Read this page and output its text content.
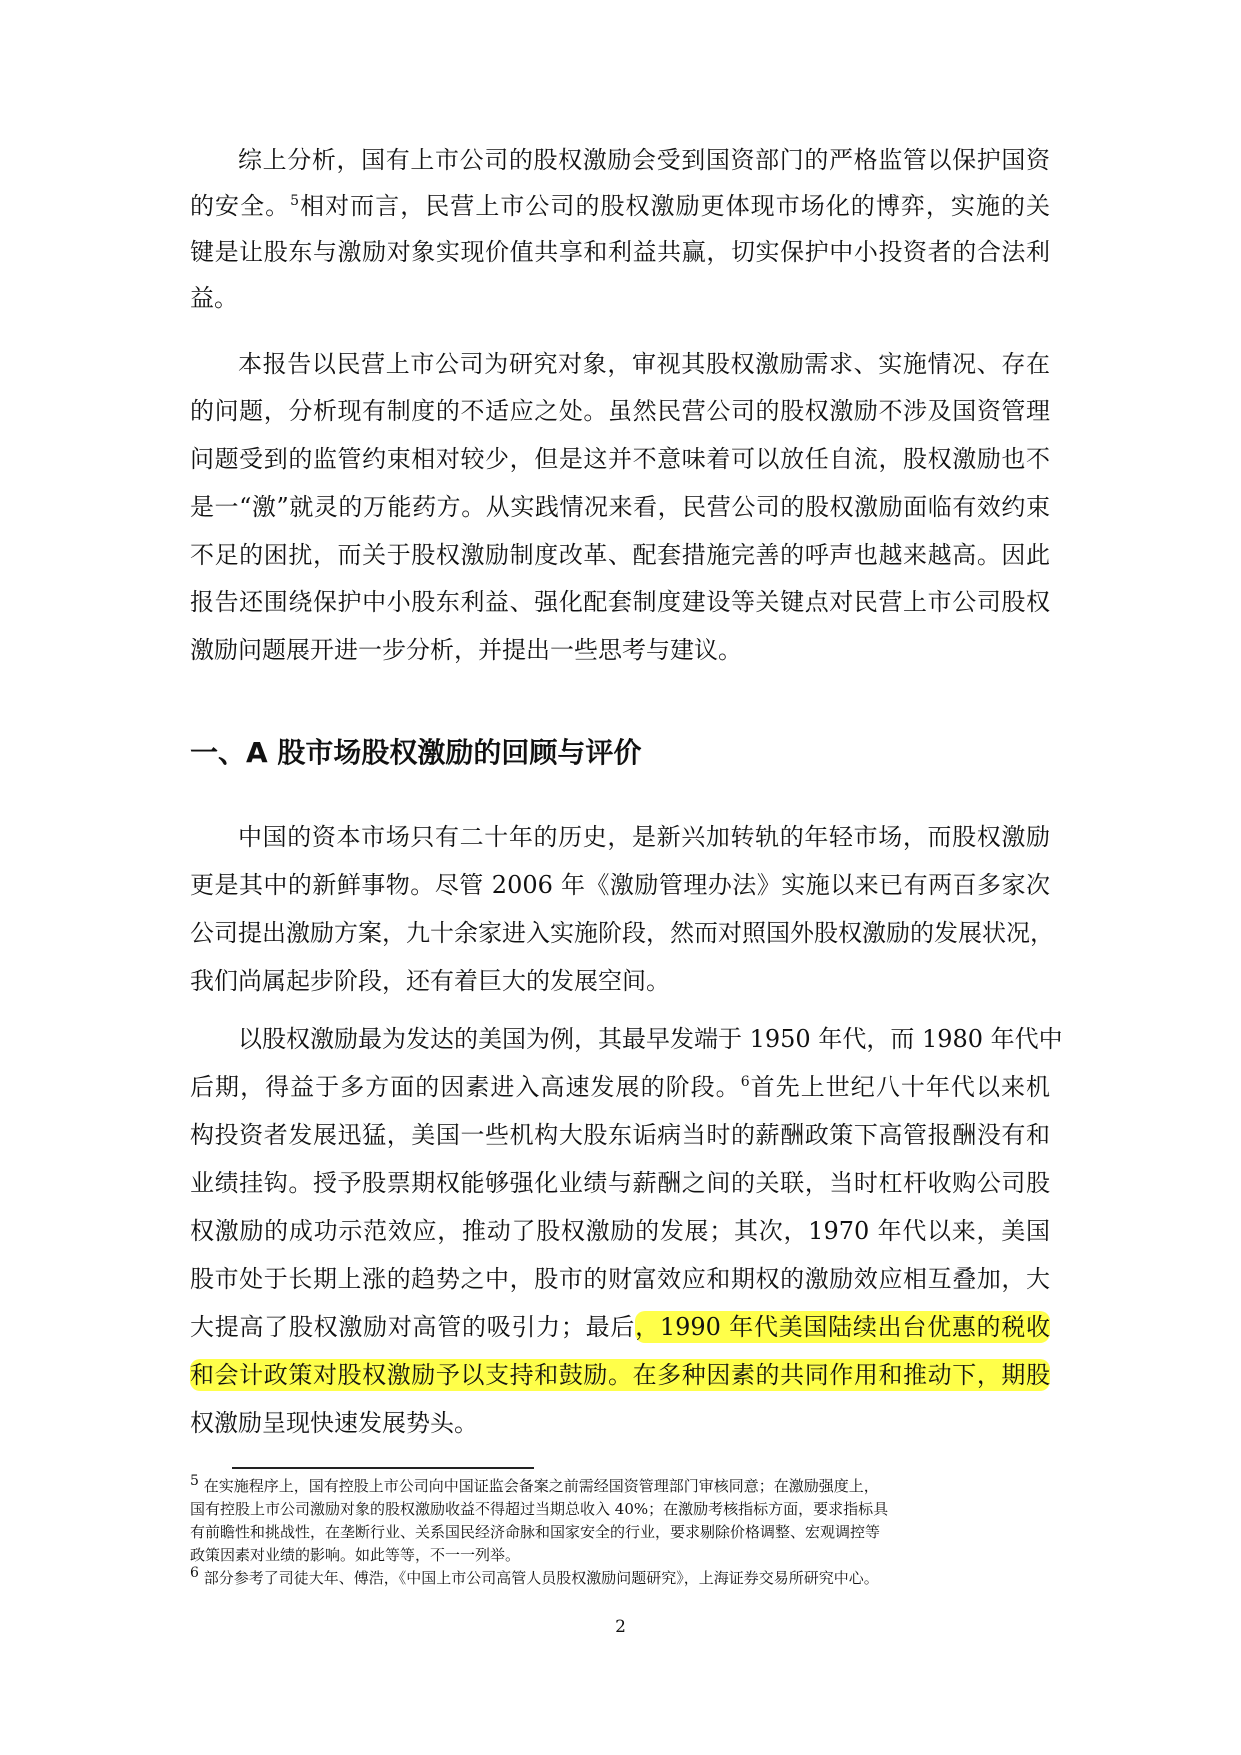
综上分析，国有上市公司的股权激励会受到国资部门的严格监管以保护国资
的安全。$^5$相对而言，民营上市公司的股权激励更体现市场化的博弈，实施的关
键是让股东与激励对象实现价值共享和利益共赢，切实保护中小投资者的合法利
益。
本报告以民营上市公司为研究对象，审视其股权激励需求、实施情况、存在
的问题，分析现有制度的不适应之处。虽然民营公司的股权激励不涉及国资管理
问题受到的监管约束相对较少，但是这并不意味着可以放任自流，股权激励也不
是一“激”就灵的万能药方。从实践情况来看，民营公司的股权激励面临有效约束
不足的困扰，而关于股权激励制度改革、配套措施完善的呼声也越来越高。因此
报告还围绕保护中小股东利益、强化配套制度建设等关键点对民营上市公司股权
激励问题展开进一步分析，并提出一些思考与建议。
一、A 股市场股权激励的回顾与评价
中国的资本市场只有二十年的历史，是新兴加转轨的年轻市场，而股权激励
更是其中的新鲜事物。尽管 2006 年《激励管理办法》实施以来已有两百多家次
公司提出激励方案，九十余家进入实施阶段，然而对照国外股权激励的发展状况，
我们尚属起步阶段，还有着巨大的发展空间。
以股权激励最为发达的美国为例，其最早发端于 1950 年代，而 1980 年代中
后期，得益于多方面的因素进入高速发展的阶段。$^6$首先上世纪八十年代以来机
构投资者发展迅猛，美国一些机构大股东诟病当时的薪酬政策下高管报酬没有和
业绩挂钩。授予股票期权能够强化业绩与薪酬之间的关联，当时杠杆收购公司股
权激励的成功示范效应，推动了股权激励的发展；其次，1970 年代以来，美国
股市处于长期上涨的趋势之中，股市的财富效应和期权的激励效应相互叠加，大
大提高了股权激励对高管的吸引力；最后，1990 年代美国陆续出台优惠的税收
和会计政策对股权激励予以支持和鼓励。在多种因素的共同作用和推动下，期股
权激励呈现快速发展势头。
5 在实施程序上，国有控股上市公司向中国证监会备案之前需经国资管理部门审核同意；在激励强度上，
国有控股上市公司激励对象的股权激励收益不得超过当期总收入 40%；在激励考核指标方面，要求指标具
有前瞻性和挑战性，在垄断行业、关系国民经济命脉和国家安全的行业，要求剔除价格调整、宏观调控等
政策因素对业绩的影响。如此等等，不一一列举。
6 部分参考了司徒大年、傅浩，《中国上市公司高管人员股权激励问题研究》，上海证券交易所研究中心。
2
